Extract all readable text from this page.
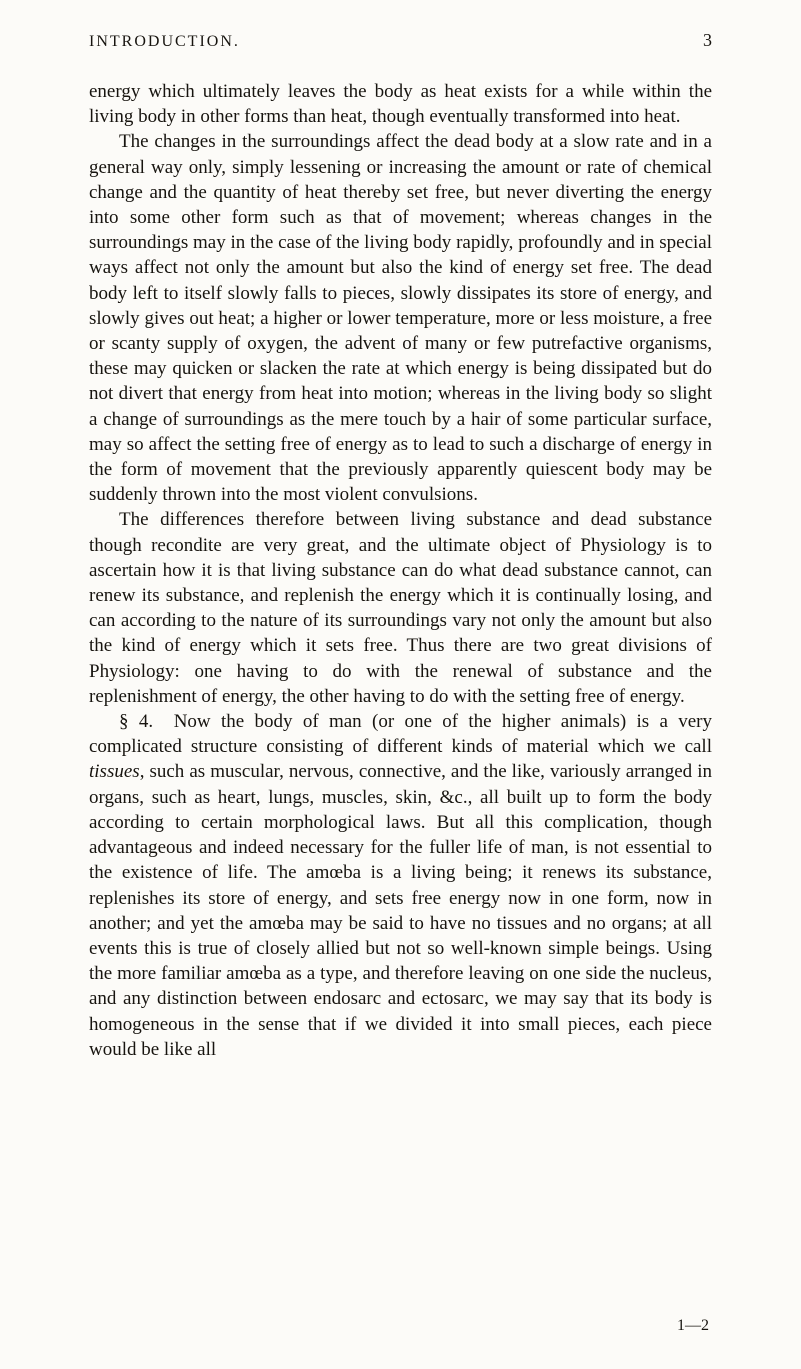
INTRODUCTION.	3

energy which ultimately leaves the body as heat exists for a while within the living body in other forms than heat, though eventually transformed into heat.

The changes in the surroundings affect the dead body at a slow rate and in a general way only, simply lessening or increasing the amount or rate of chemical change and the quantity of heat thereby set free, but never diverting the energy into some other form such as that of movement; whereas changes in the surroundings may in the case of the living body rapidly, profoundly and in special ways affect not only the amount but also the kind of energy set free. The dead body left to itself slowly falls to pieces, slowly dissipates its store of energy, and slowly gives out heat; a higher or lower temperature, more or less moisture, a free or scanty supply of oxygen, the advent of many or few putrefactive organisms, these may quicken or slacken the rate at which energy is being dissipated but do not divert that energy from heat into motion; whereas in the living body so slight a change of surroundings as the mere touch by a hair of some particular surface, may so affect the setting free of energy as to lead to such a discharge of energy in the form of movement that the previously apparently quiescent body may be suddenly thrown into the most violent convulsions.

The differences therefore between living substance and dead substance though recondite are very great, and the ultimate object of Physiology is to ascertain how it is that living substance can do what dead substance cannot, can renew its substance, and replenish the energy which it is continually losing, and can according to the nature of its surroundings vary not only the amount but also the kind of energy which it sets free. Thus there are two great divisions of Physiology: one having to do with the renewal of substance and the replenishment of energy, the other having to do with the setting free of energy.

§ 4.  Now the body of man (or one of the higher animals) is a very complicated structure consisting of different kinds of material which we call tissues, such as muscular, nervous, connective, and the like, variously arranged in organs, such as heart, lungs, muscles, skin, &c., all built up to form the body according to certain morphological laws. But all this complication, though advantageous and indeed necessary for the fuller life of man, is not essential to the existence of life. The amœba is a living being; it renews its substance, replenishes its store of energy, and sets free energy now in one form, now in another; and yet the amœba may be said to have no tissues and no organs; at all events this is true of closely allied but not so well-known simple beings. Using the more familiar amœba as a type, and therefore leaving on one side the nucleus, and any distinction between endosarc and ectosarc, we may say that its body is homogeneous in the sense that if we divided it into small pieces, each piece would be like all

1—2
